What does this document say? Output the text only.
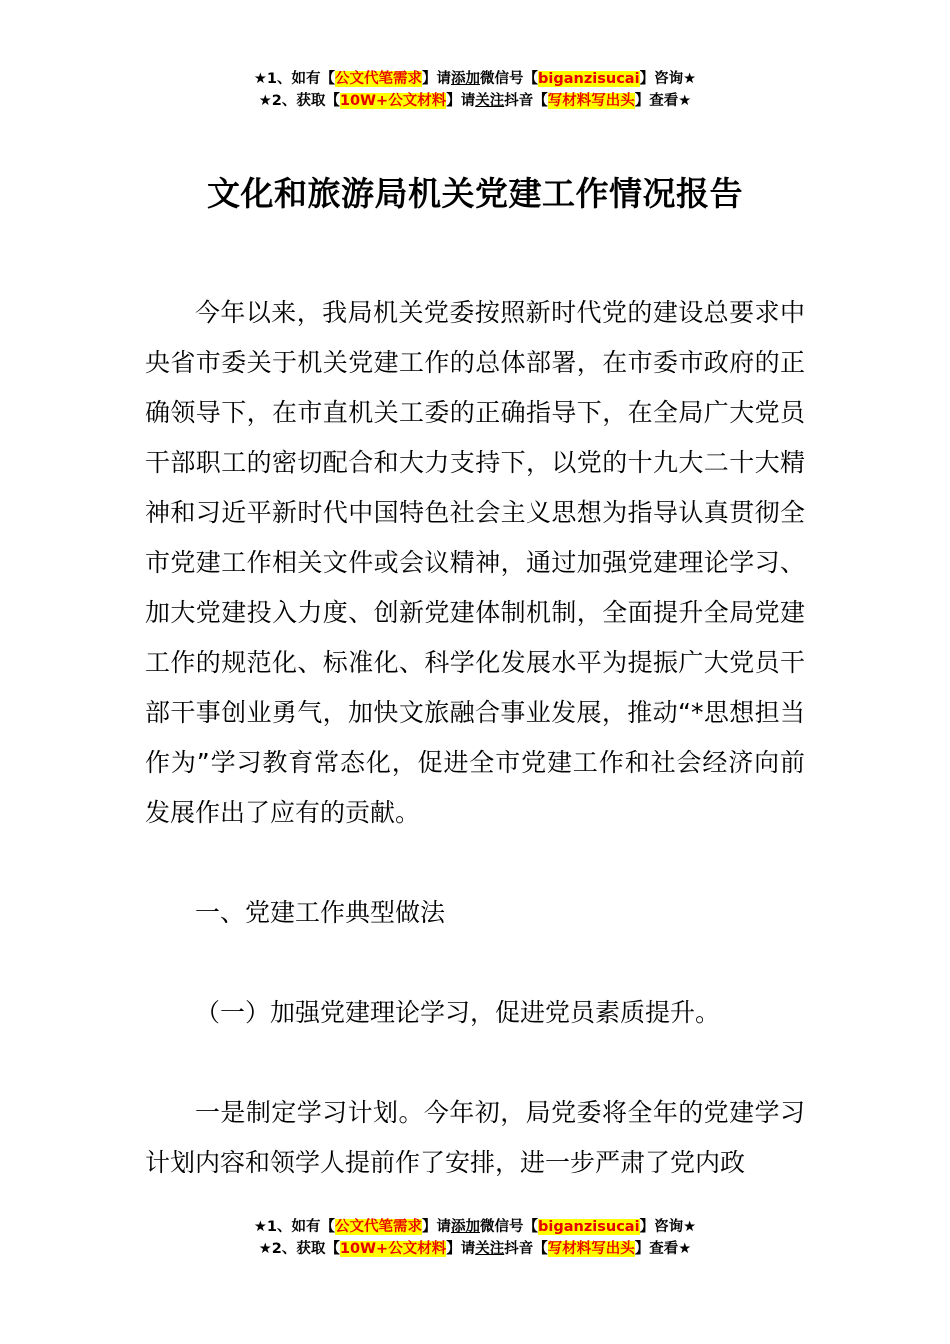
★1、如有【公文代笔需求】请添加微信号【biganzisucai】咨询★
★2、获取【10W+公文材料】请关注抖音【写材料写出头】查看★
文化和旅游局机关党建工作情况报告

今年以来，我局机关党委按照新时代党的建设总要求中央省市委关于机关党建工作的总体部署，在市委市政府的正确领导下，在市直机关工委的正确指导下，在全局广大党员干部职工的密切配合和大力支持下，以党的十九大二十大精神和习近平新时代中国特色社会主义思想为指导认真贯彻全市党建工作相关文件或会议精神，通过加强党建理论学习、加大党建投入力度、创新党建体制机制，全面提升全局党建工作的规范化、标准化、科学化发展水平为提振广大党员干部干事创业勇气，加快文旅融合事业发展，推动“*思想担当作为”学习教育常态化，促进全市党建工作和社会经济向前发展作出了应有的贡献。

一、党建工作典型做法

（一）加强党建理论学习，促进党员素质提升。

一是制定学习计划。今年初，局党委将全年的党建学习计划内容和领学人提前作了安排，进一步严肃了党内政

★1、如有【公文代笔需求】请添加微信号【biganzisucai】咨询★
★2、获取【10W+公文材料】请关注抖音【写材料写出头】查看★
